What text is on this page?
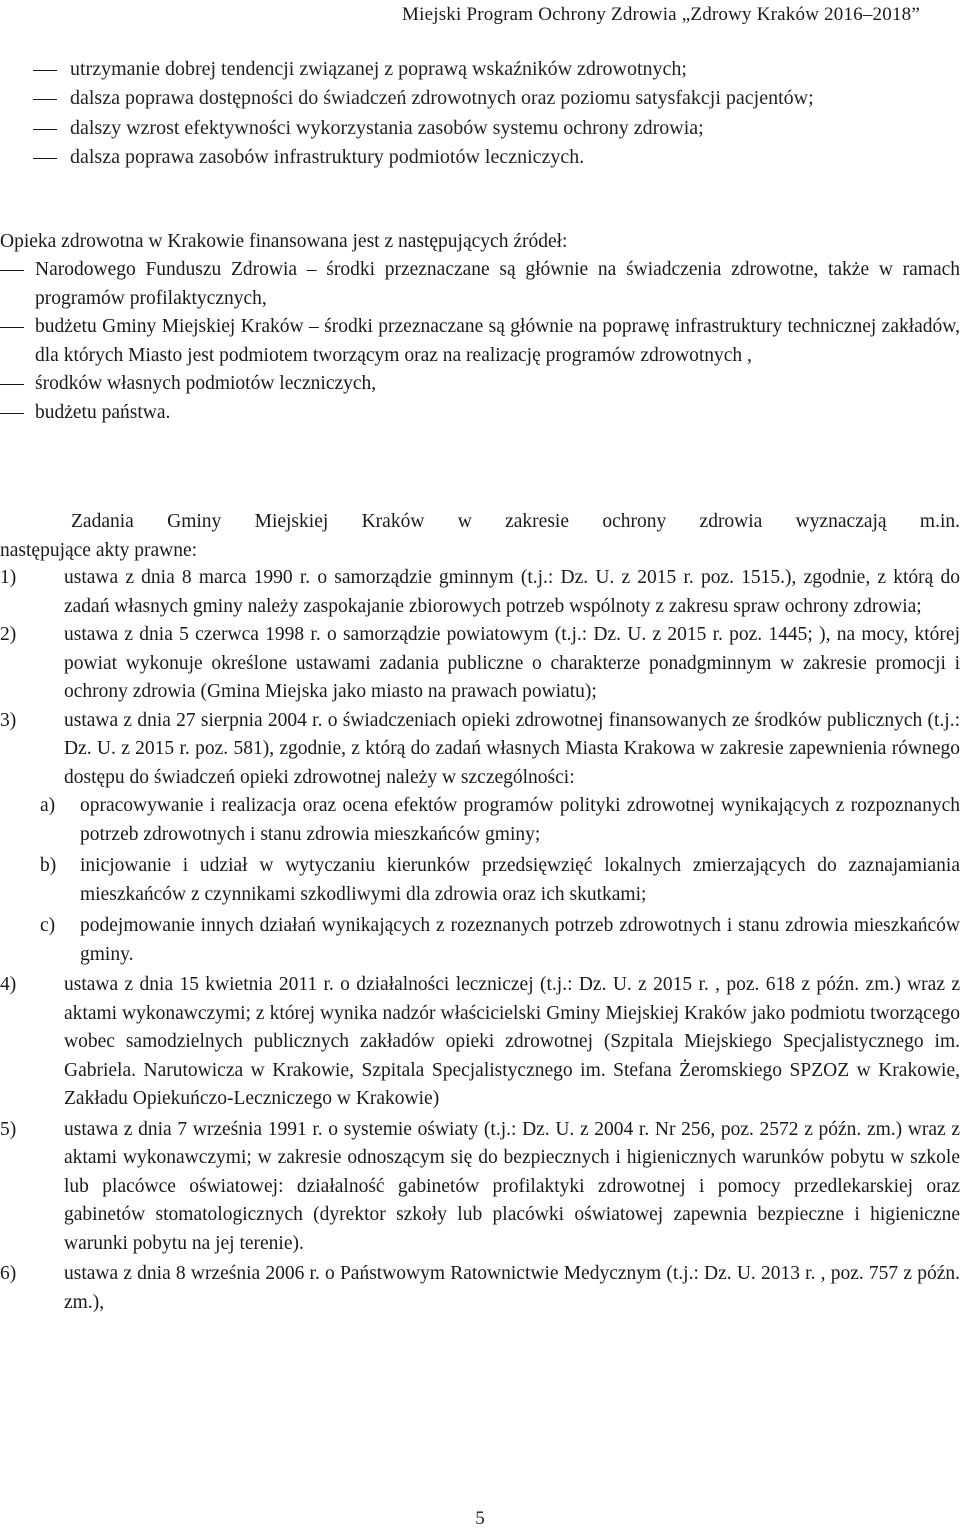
Miejski Program Ochrony Zdrowia „Zdrowy Kraków 2016–2018”
utrzymanie dobrej tendencji związanej z poprawą wskaźników zdrowotnych;
dalsza poprawa dostępności do świadczeń zdrowotnych oraz poziomu satysfakcji pacjentów;
dalszy wzrost efektywności wykorzystania zasobów systemu ochrony zdrowia;
dalsza poprawa zasobów infrastruktury podmiotów leczniczych.

Opieka zdrowotna w Krakowie finansowana jest z następujących źródeł:

Narodowego Funduszu Zdrowia – środki przeznaczane są głównie na świadczenia zdrowotne, także w ramach programów profilaktycznych,
budżetu Gminy Miejskiej Kraków – środki przeznaczane są głównie na poprawę infrastruktury technicznej zakładów, dla których Miasto jest podmiotem tworzącym oraz na realizację programów zdrowotnych ,
środków własnych podmiotów leczniczych,
budżetu państwa.

Zadania Gminy Miejskiej Kraków w zakresie ochrony zdrowia wyznaczają m.in.
następujące akty prawne:

1) ustawa z dnia 8 marca 1990 r. o samorządzie gminnym (t.j.: Dz. U. z 2015 r. poz. 1515.), zgodnie, z którą do zadań własnych gminy należy zaspokajanie zbiorowych potrzeb wspólnoty z zakresu spraw ochrony zdrowia;
2) ustawa z dnia 5 czerwca 1998 r. o samorządzie powiatowym (t.j.: Dz. U. z 2015 r. poz. 1445; ), na mocy, której powiat wykonuje określone ustawami zadania publiczne o charakterze ponadgminnym w zakresie promocji i ochrony zdrowia (Gmina Miejska jako miasto na prawach powiatu);
3) ustawa z dnia 27 sierpnia 2004 r. o świadczeniach opieki zdrowotnej finansowanych ze środków publicznych (t.j.: Dz. U. z 2015 r. poz. 581), zgodnie, z którą do zadań własnych Miasta Krakowa w zakresie zapewnienia równego dostępu do świadczeń opieki zdrowotnej należy w szczególności:
a) opracowywanie i realizacja oraz ocena efektów programów polityki zdrowotnej wynikających z rozpoznanych potrzeb zdrowotnych i stanu zdrowia mieszkańców gminy;
b) inicjowanie i udział w wytyczaniu kierunków przedsięwzięć lokalnych zmierzających do zaznajamiania mieszkańców z czynnikami szkodliwymi dla zdrowia oraz ich skutkami;
c) podejmowanie innych działań wynikających z rozeznanych potrzeb zdrowotnych i stanu zdrowia mieszkańców gminy.
4) ustawa z dnia 15 kwietnia 2011 r. o działalności leczniczej (t.j.: Dz. U. z 2015 r. , poz. 618 z późn. zm.) wraz z aktami wykonawczymi; z której wynika nadzór właścicielski Gminy Miejskiej Kraków jako podmiotu tworzącego wobec samodzielnych publicznych zakładów opieki zdrowotnej (Szpitala Miejskiego Specjalistycznego im. Gabriela. Narutowicza w Krakowie, Szpitala Specjalistycznego im. Stefana Żeromskiego SPZOZ w Krakowie, Zakładu Opiekuńczo-Leczniczego w Krakowie)
5) ustawa z dnia 7 września 1991 r. o systemie oświaty (t.j.: Dz. U. z 2004 r. Nr 256, poz. 2572 z późn. zm.) wraz z aktami wykonawczymi; w zakresie odnoszącym się do bezpiecznych i higienicznych warunków pobytu w szkole lub placówce oświatowej: działalność gabinetów profilaktyki zdrowotnej i pomocy przedlekarskiej oraz gabinetów stomatologicznych (dyrektor szkoły lub placówki oświatowej zapewnia bezpieczne i higieniczne warunki pobytu na jej terenie).
6) ustawa z dnia 8 września 2006 r. o Państwowym Ratownictwie Medycznym (t.j.: Dz. U. 2013 r. , poz. 757 z późn. zm.),
5
